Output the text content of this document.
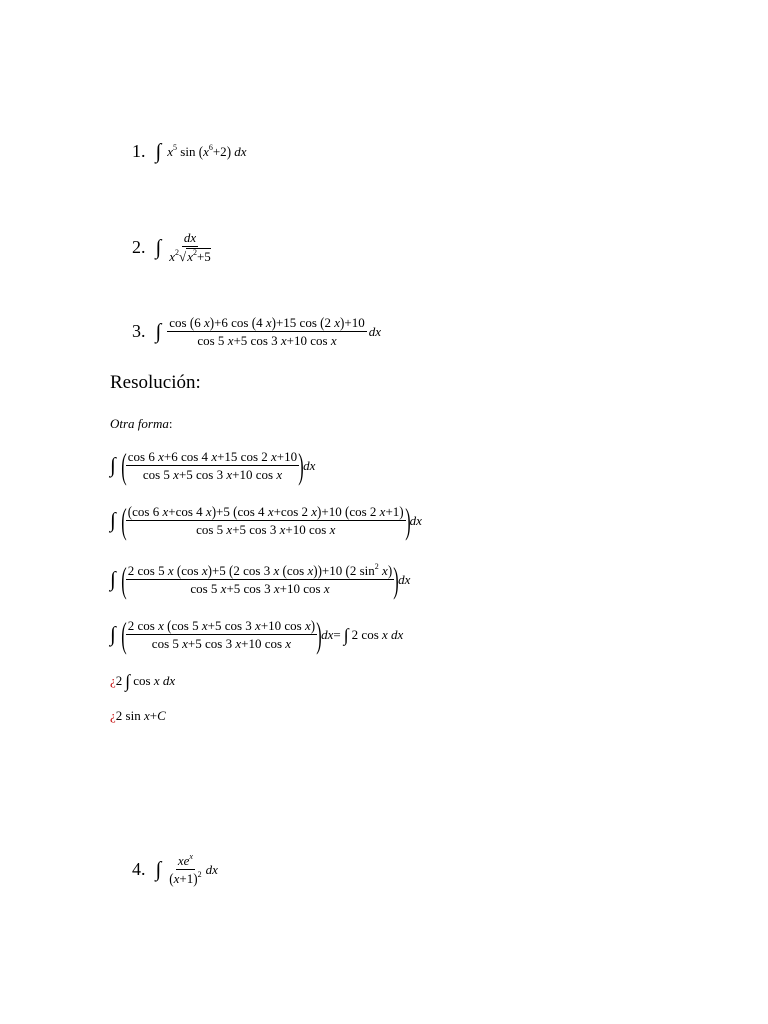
1. ∫ $x^5$ $\sin (x^6+2)$ dx
2. ∫ $\frac{dx}{x^2 √ x^2+5}$
3. ∫ $\frac{\cos (6 x)+6 \cos (4 x)+15 \cos (2 x)+10}{\text{cos 5 x+5 cos 3 x+10 cos x}}$ dx
Resolución:
Otra forma:
∫ ( $\frac{\cos 6 x+6 \cos 4 x+15 \cos 2 x+10}{\text{cos 5 x+5 cos 3 x+10 cos x}}$ ) dx
∫ ( $\frac{(\cos 6 x+\cos 4 x)+5 (\cos 4 x+\cos 2 x)+10 (\cos 2 x+1)}{\text{cos 5 x+5 cos 3 x+10 cos x}}$ ) dx
∫ ( $\frac{2 \cos 5 x (\cos x)+5 (2 \cos 3 x (\cos x))+10 (2 \sin^2 x)}{\text{cos 5 x+5 cos 3 x+10 cos x}}$ ) dx
∫ ( $\frac{\text{2 cos x (cos 5 x+5 cos 3 x+10 cos x)}}{\text{cos 5 x+5 cos 3 x+10 cos x}}$ ) dx = ∫ 2 cos x dx
¿ 2 ∫ cos x dx
¿ 2 sin x+C
4. ∫ $\frac{xe^x}{(x+1)^2}$ dx
